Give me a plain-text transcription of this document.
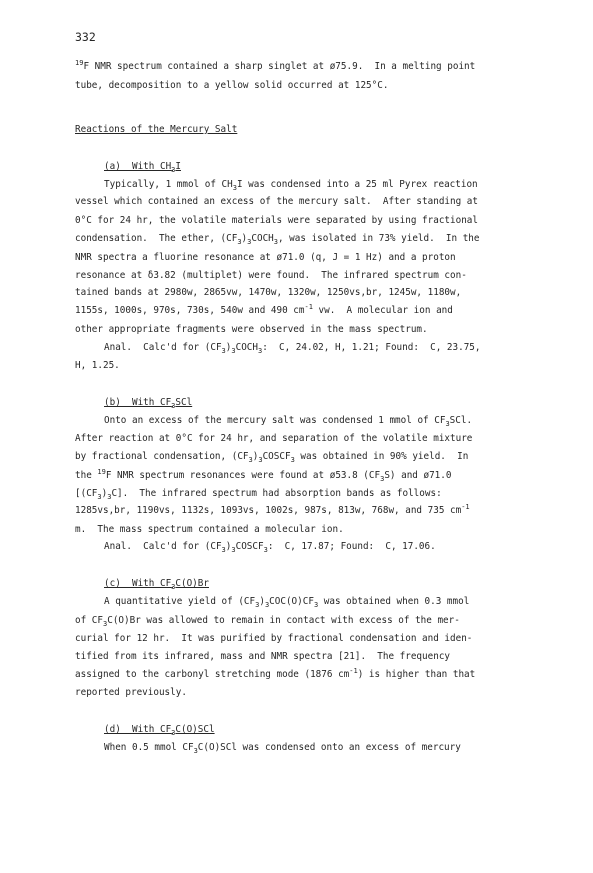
332
$^{19}$F NMR spectrum contained a sharp singlet at ø75.9.  In a melting point
tube, decomposition to a yellow solid occurred at 125°C.
Reactions of the Mercury Salt
(a)  With $CH_3I$
Typically, 1 mmol of $CH_3I$ was condensed into a 25 ml Pyrex reaction
vessel which contained an excess of the mercury salt.  After standing at
0°C for 24 hr, the volatile materials were separated by using fractional
condensation.  The ether, $(CF_3)_3COCH_3$, was isolated in 73% yield.  In the
NMR spectra a fluorine resonance at ø71.0 (q, J = 1 Hz) and a proton
resonance at δ3.82 (multiplet) were found.  The infrared spectrum con-
tained bands at 2980w, 2865vw, 1470w, 1320w, 1250vs,br, 1245w, 1180w,
1155s, 1000s, 970s, 730s, 540w and 490 $cm^{-1}$ vw.  A molecular ion and
other appropriate fragments were observed in the mass spectrum.
Anal.  Calc'd for $(CF_3)_3COCH_3$:  C, 24.02, H, 1.21; Found:  C, 23.75,
H, 1.25.
(b)  With $CF_3SCl$
Onto an excess of the mercury salt was condensed 1 mmol of $CF_3SCl$.
After reaction at 0°C for 24 hr, and separation of the volatile mixture
by fractional condensation, $(CF_3)_3COSCF_3$ was obtained in 90% yield.  In
the $^{19}$F NMR spectrum resonances were found at ø53.8 $(CF_3S)$ and ø71.0
$[(CF_3)_3C]$.  The infrared spectrum had absorption bands as follows:
1285vs,br, 1190vs, 1132s, 1093vs, 1002s, 987s, 813w, 768w, and 735 $cm^{-1}$
m.  The mass spectrum contained a molecular ion.
Anal.  Calc'd for $(CF_3)_3COSCF_3$:  C, 17.87; Found:  C, 17.06.
(c)  With $CF_3C(O)Br$
A quantitative yield of $(CF_3)_3COC(O)CF_3$ was obtained when 0.3 mmol
of $CF_3C(O)Br$ was allowed to remain in contact with excess of the mer-
curial for 12 hr.  It was purified by fractional condensation and iden-
tified from its infrared, mass and NMR spectra [21].  The frequency
assigned to the carbonyl stretching mode (1876 $cm^{-1}$) is higher than that
reported previously.
(d)  With $CF_3C(O)SCl$
When 0.5 mmol $CF_3C(O)SCl$ was condensed onto an excess of mercury
